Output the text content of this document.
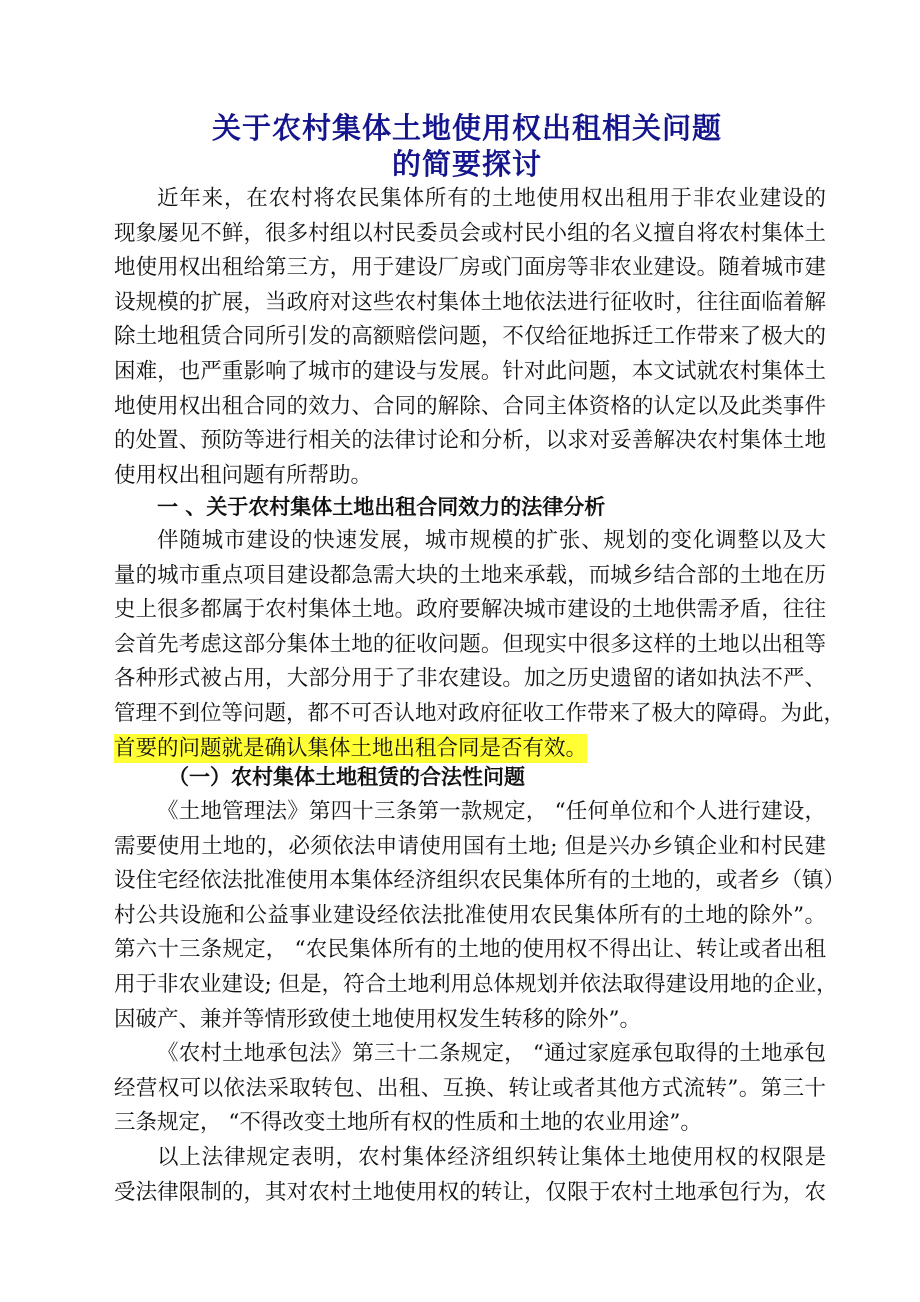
关于农村集体土地使用权出租相关问题
的简要探讨
近年来，在农村将农民集体所有的土地使用权出租用于非农业建设的
现象屡见不鲜，很多村组以村民委员会或村民小组的名义擅自将农村集体土
地使用权出租给第三方，用于建设厂房或门面房等非农业建设。随着城市建
设规模的扩展，当政府对这些农村集体土地依法进行征收时，往往面临着解
除土地租赁合同所引发的高额赔偿问题，不仅给征地拆迁工作带来了极大的
困难，也严重影响了城市的建设与发展。针对此问题，本文试就农村集体土
地使用权出租合同的效力、合同的解除、合同主体资格的认定以及此类事件
的处置、预防等进行相关的法律讨论和分析，以求对妥善解决农村集体土地
使用权出租问题有所帮助。
一 、关于农村集体土地出租合同效力的法律分析
伴随城市建设的快速发展，城市规模的扩张、规划的变化调整以及大
量的城市重点项目建设都急需大块的土地来承载，而城乡结合部的土地在历
史上很多都属于农村集体土地。政府要解决城市建设的土地供需矛盾，往往
会首先考虑这部分集体土地的征收问题。但现实中很多这样的土地以出租等
各种形式被占用，大部分用于了非农建设。加之历史遗留的诸如执法不严、
管理不到位等问题，都不可否认地对政府征收工作带来了极大的障碍。为此，
首要的问题就是确认集体土地出租合同是否有效。
（一）农村集体土地租赁的合法性问题
《土地管理法》第四十三条第一款规定， “任何单位和个人进行建设，
需要使用土地的，必须依法申请使用国有土地; 但是兴办乡镇企业和村民建
设住宅经依法批准使用本集体经济组织农民集体所有的土地的，或者乡（镇）
村公共设施和公益事业建设经依法批准使用农民集体所有的土地的除外”。
第六十三条规定， “农民集体所有的土地的使用权不得出让、转让或者出租
用于非农业建设; 但是，符合土地利用总体规划并依法取得建设用地的企业，
因破产、兼并等情形致使土地使用权发生转移的除外”。
《农村土地承包法》第三十二条规定， “通过家庭承包取得的土地承包
经营权可以依法采取转包、出租、互换、转让或者其他方式流转”。第三十
三条规定， “不得改变土地所有权的性质和土地的农业用途”。
以上法律规定表明，农村集体经济组织转让集体土地使用权的权限是
受法律限制的，其对农村土地使用权的转让，仅限于农村土地承包行为，农
